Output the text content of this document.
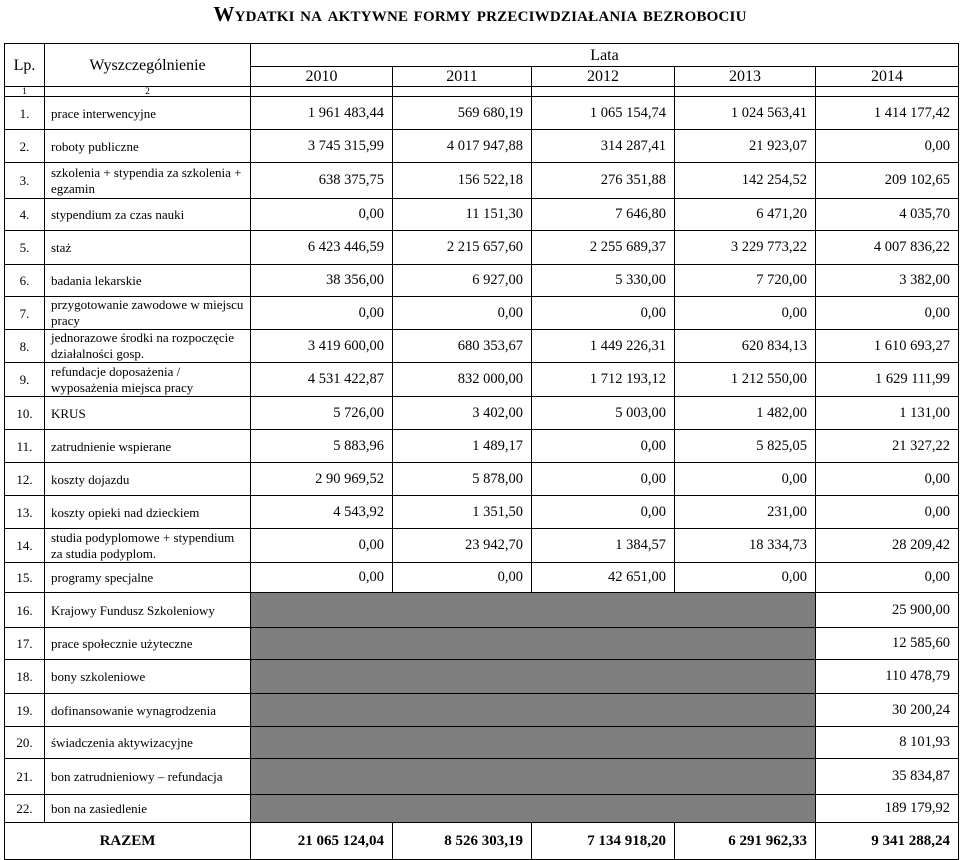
Wydatki na aktywne formy przeciwdziałania bezrobociu
Lp.	Wyszczególnienie	Lata				
		2010	2011	2012	2013	2014
1	2					
1.	prace interwencyjne	1 961 483,44	569 680,19	1 065 154,74	1 024 563,41	1 414 177,42
2.	roboty publiczne	3 745 315,99	4 017 947,88	314 287,41	21 923,07	0,00
3.	szkolenia + stypendia za szkolenia + egzamin	638 375,75	156 522,18	276 351,88	142 254,52	209 102,65
4.	stypendium za czas nauki	0,00	11 151,30	7 646,80	6 471,20	4 035,70
5.	staż	6 423 446,59	2 215 657,60	2 255 689,37	3 229 773,22	4 007 836,22
6.	badania lekarskie	38 356,00	6 927,00	5 330,00	7 720,00	3 382,00
7.	przygotowanie zawodowe w miejscu pracy	0,00	0,00	0,00	0,00	0,00
8.	jednorazowe środki na rozpoczęcie działalności gosp.	3 419 600,00	680 353,67	1 449 226,31	620 834,13	1 610 693,27
9.	refundacje doposażenia / wyposażenia miejsca pracy	4 531 422,87	832 000,00	1 712 193,12	1 212 550,00	1 629 111,99
10.	KRUS	5 726,00	3 402,00	5 003,00	1 482,00	1 131,00
11.	zatrudnienie wspierane	5 883,96	1 489,17	0,00	5 825,05	21 327,22
12.	koszty dojazdu	2 90 969,52	5 878,00	0,00	0,00	0,00
13.	koszty opieki nad dzieckiem	4 543,92	1 351,50	0,00	231,00	0,00
14.	studia podyplomowe + stypendium za studia podyplom.	0,00	23 942,70	1 384,57	18 334,73	28 209,42
15.	programy specjalne	0,00	0,00	42 651,00	0,00	0,00
16.	Krajowy Fundusz Szkoleniowy					25 900,00
17.	prace społecznie użyteczne					12 585,60
18.	bony szkoleniowe					110 478,79
19.	dofinansowanie wynagrodzenia					30 200,24
20.	świadczenia aktywizacyjne					8 101,93
21.	bon zatrudnieniowy – refundacja					35 834,87
22.	bon na zasiedlenie					189 179,92
RAZEM		21 065 124,04	8 526 303,19	7 134 918,20	6 291 962,33	9 341 288,24
